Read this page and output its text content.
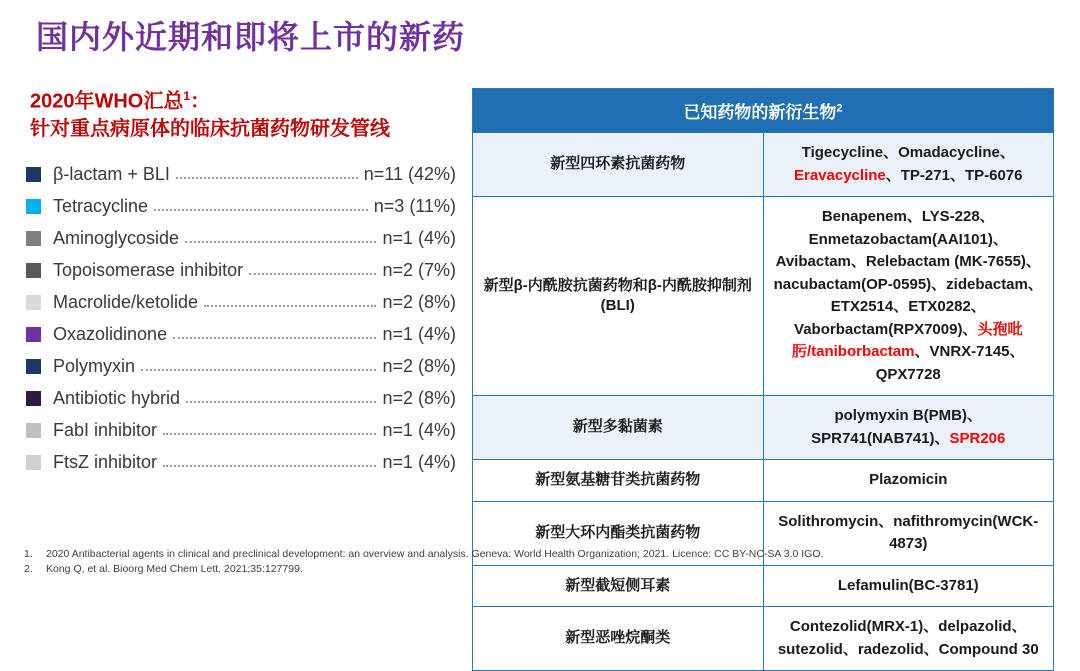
国内外近期和即将上市的新药
2020年WHO汇总$^1$：
针对重点病原体的临床抗菌药物研发管线
β-lactam + BLI	n=11 (42%)
Tetracycline	n=3 (11%)
Aminoglycoside	n=1 (4%)
Topoisomerase inhibitor	n=2 (7%)
Macrolide/ketolide	n=2 (8%)
Oxazolidinone	n=1 (4%)
Polymyxin	n=2 (8%)
Antibiotic hybrid	n=2 (8%)
FabI inhibitor	n=1 (4%)
FtsZ inhibitor	n=1 (4%)
已知药物的新衍生物$^2$
新型四环素抗菌药物	Tigecycline、Omadacycline、Eravacycline、TP-271、TP-6076
新型β-内酰胺抗菌药物和β-内酰胺抑制剂(BLI)	Benapenem、LYS-228、Enmetazobactam(AAI101)、Avibactam、Relebactam (MK-7655)、nacubactam(OP-0595)、zidebactam、ETX2514、ETX0282、Vaborbactam(RPX7009)、头孢吡肟/taniborbactam、VNRX-7145、QPX7728
新型多黏菌素	polymyxin B(PMB)、SPR741(NAB741)、SPR206
新型氨基糖苷类抗菌药物	Plazomicin
新型大环内酯类抗菌药物	Solithromycin、nafithromycin(WCK-4873)
新型截短侧耳素	Lefamulin(BC-3781)
新型恶唑烷酮类	Contezolid(MRX-1)、delpazolid、sutezolid、radezolid、Compound 30
1.	2020 Antibacterial agents in clinical and preclinical development: an overview and analysis. Geneva: World Health Organization; 2021. Licence: CC BY-NC-SA 3.0 IGO.
2.	Kong Q, et al. Bioorg Med Chem Lett. 2021;35:127799.
